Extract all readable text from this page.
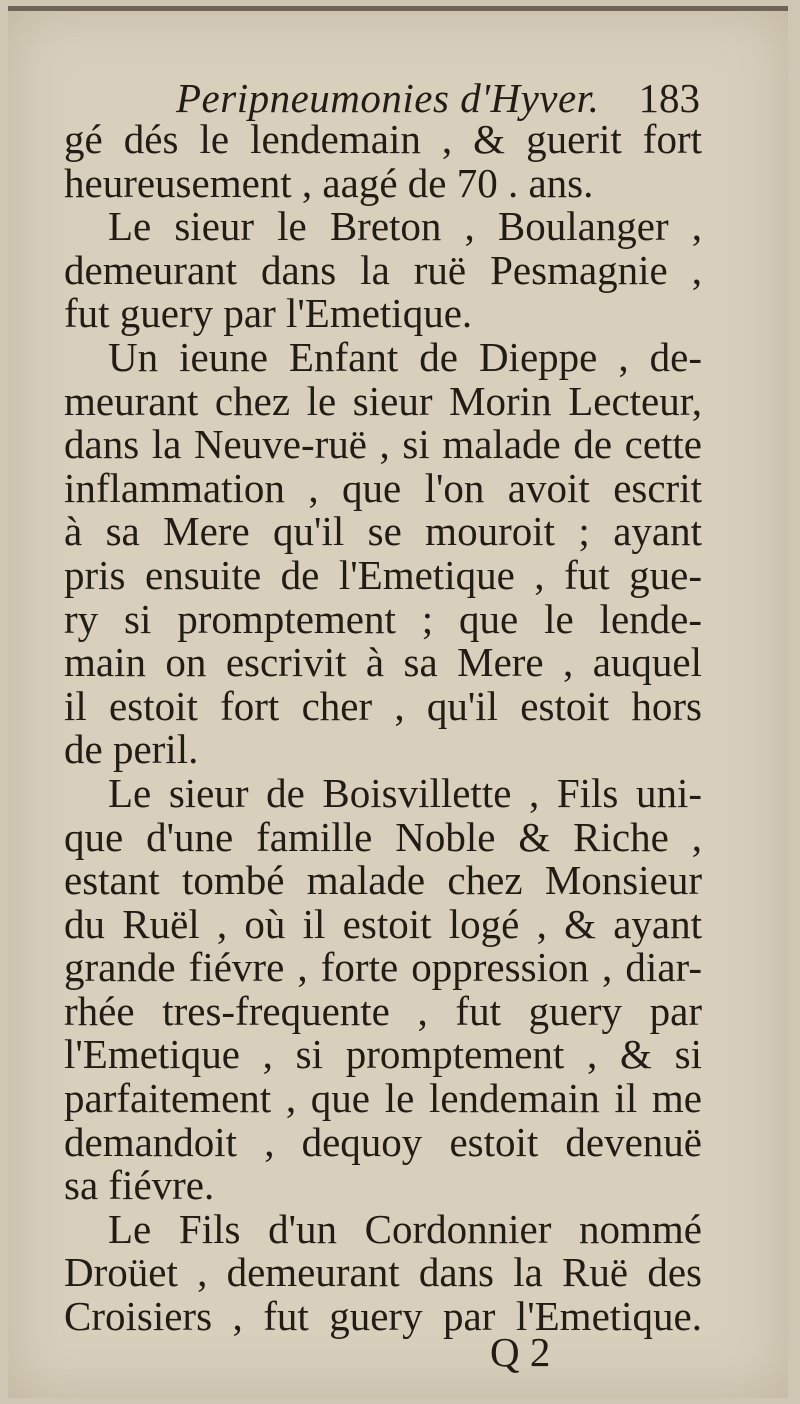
Peripneumonies d'Hyver. 183
gé dés le lendemain , & guerit fort
heureusement , aagé de 70 . ans.
Le sieur le Breton , Boulanger ,
demeurant dans la ruë Pesmagnie ,
fut guery par l'Emetique.
Un ieune Enfant de Dieppe , de-
meurant chez le sieur Morin Lecteur,
dans la Neuve-ruë , si malade de cette
inflammation , que l'on avoit escrit
à sa Mere qu'il se mouroit ; ayant
pris ensuite de l'Emetique , fut gue-
ry si promptement ; que le lende-
main on escrivit à sa Mere , auquel
il estoit fort cher , qu'il estoit hors
de peril.
Le sieur de Boisvillette , Fils uni-
que d'une famille Noble & Riche ,
estant tombé malade chez Monsieur
du Ruël , où il estoit logé , & ayant
grande fiévre , forte oppression , diar-
rhée tres-frequente , fut guery par
l'Emetique , si promptement , & si
parfaitement , que le lendemain il me
demandoit , dequoy estoit devenuë
sa fiévre.
Le Fils d'un Cordonnier nommé
Droüet , demeurant dans la Ruë des
Croisiers , fut guery par l'Emetique.
Q 2
